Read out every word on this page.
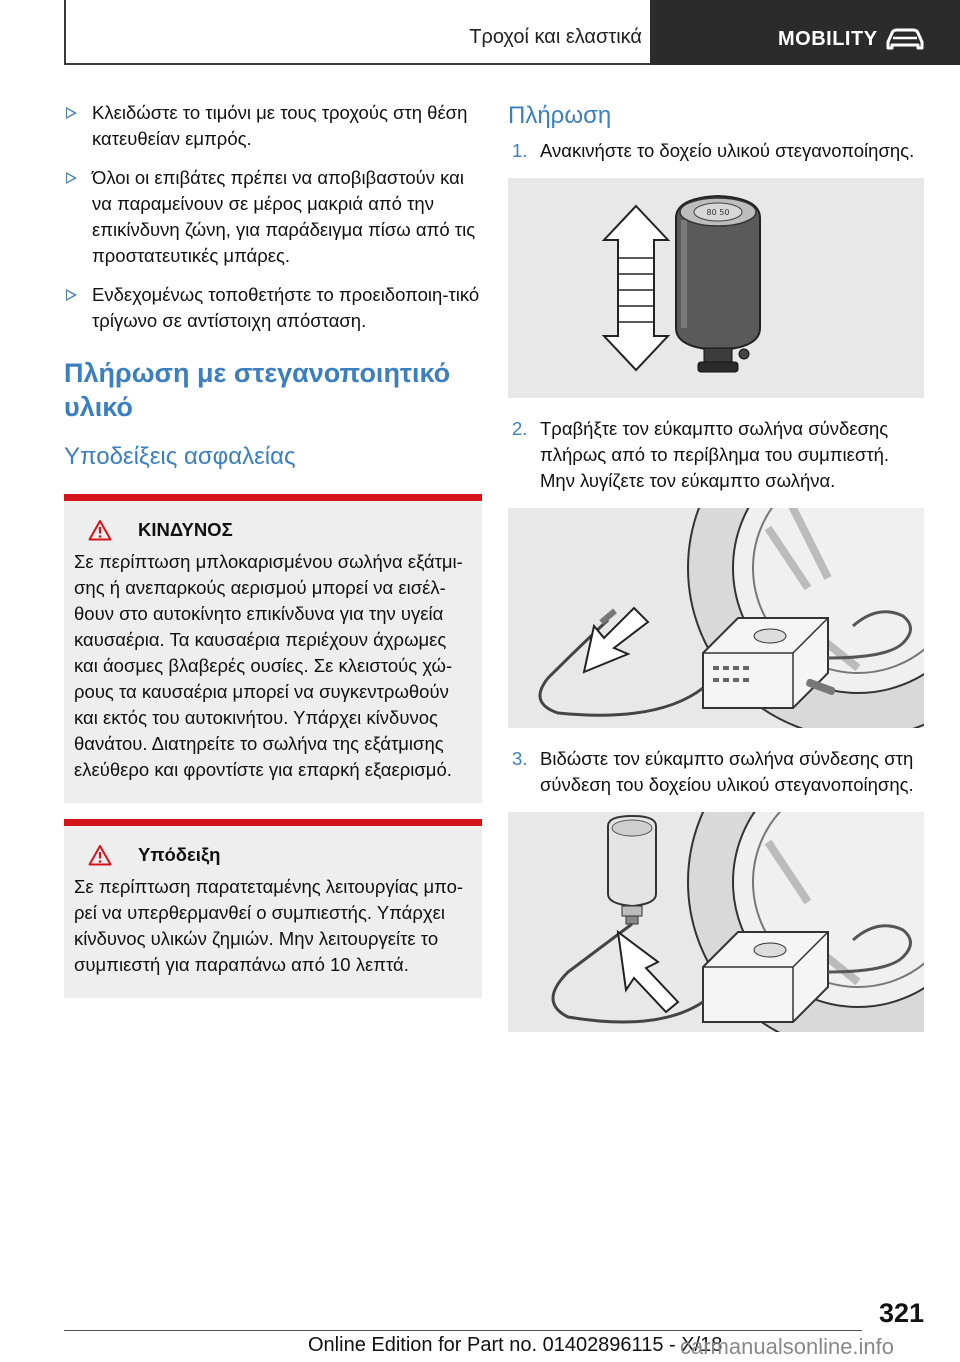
Τροχοί και ελαστικά	MOBILITY
Κλειδώστε το τιμόνι με τους τροχούς στη θέση κατευθείαν εμπρός.
Όλοι οι επιβάτες πρέπει να αποβιβαστούν και να παραμείνουν σε μέρος μακριά από την επικίνδυνη ζώνη, για παράδειγμα πίσω από τις προστατευτικές μπάρες.
Ενδεχομένως τοποθετήστε το προειδοποιη-τικό τρίγωνο σε αντίστοιχη απόσταση.
Πλήρωση με στεγανοποιητικό υλικό
Υποδείξεις ασφαλείας
ΚΙΝΔΥΝΟΣ
Σε περίπτωση μπλοκαρισμένου σωλήνα εξάτμι-σης ή ανεπαρκούς αερισμού μπορεί να εισέλ-θουν στο αυτοκίνητο επικίνδυνα για την υγεία καυσαέρια. Τα καυσαέρια περιέχουν άχρωμες και άοσμες βλαβερές ουσίες. Σε κλειστούς χώ-ρους τα καυσαέρια μπορεί να συγκεντρωθούν και εκτός του αυτοκινήτου. Υπάρχει κίνδυνος θανάτου. Διατηρείτε το σωλήνα της εξάτμισης ελεύθερο και φροντίστε για επαρκή εξαερισμό.
Υπόδειξη
Σε περίπτωση παρατεταμένης λειτουργίας μπο-ρεί να υπερθερμανθεί ο συμπιεστής. Υπάρχει κίνδυνος υλικών ζημιών. Μην λειτουργείτε το συμπιεστή για παραπάνω από 10 λεπτά.
Πλήρωση
1. Ανακινήστε το δοχείο υλικού στεγανοποίησης.
80 50
2. Τραβήξτε τον εύκαμπτο σωλήνα σύνδεσης πλήρως από το περίβλημα του συμπιεστή. Μην λυγίζετε τον εύκαμπτο σωλήνα.
3. Βιδώστε τον εύκαμπτο σωλήνα σύνδεσης στη σύνδεση του δοχείου υλικού στεγανοποίησης.
321
Online Edition for Part no. 01402896115 - X/18
carmanualsonline.info
